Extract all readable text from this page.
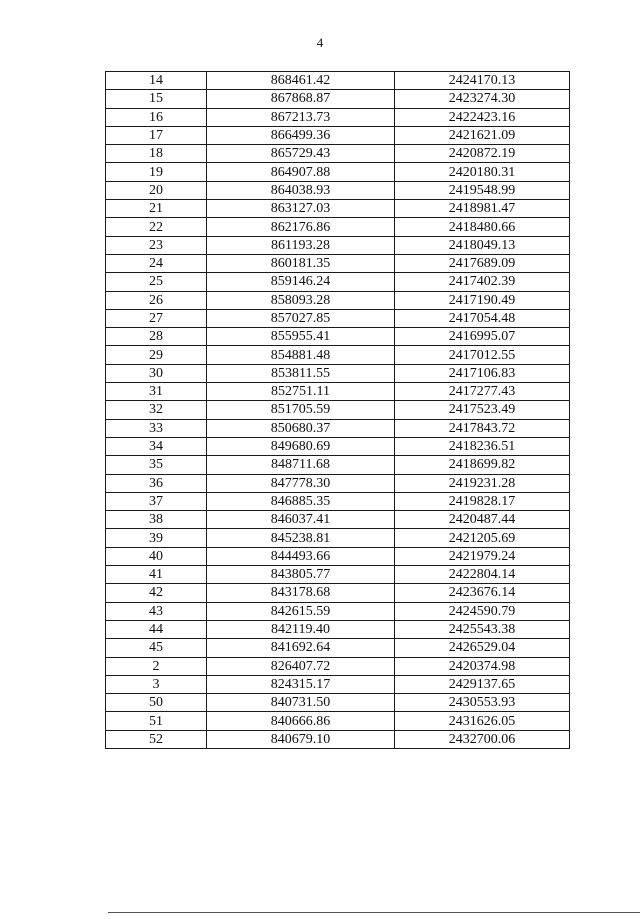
4
14	868461.42	2424170.13
15	867868.87	2423274.30
16	867213.73	2422423.16
17	866499.36	2421621.09
18	865729.43	2420872.19
19	864907.88	2420180.31
20	864038.93	2419548.99
21	863127.03	2418981.47
22	862176.86	2418480.66
23	861193.28	2418049.13
24	860181.35	2417689.09
25	859146.24	2417402.39
26	858093.28	2417190.49
27	857027.85	2417054.48
28	855955.41	2416995.07
29	854881.48	2417012.55
30	853811.55	2417106.83
31	852751.11	2417277.43
32	851705.59	2417523.49
33	850680.37	2417843.72
34	849680.69	2418236.51
35	848711.68	2418699.82
36	847778.30	2419231.28
37	846885.35	2419828.17
38	846037.41	2420487.44
39	845238.81	2421205.69
40	844493.66	2421979.24
41	843805.77	2422804.14
42	843178.68	2423676.14
43	842615.59	2424590.79
44	842119.40	2425543.38
45	841692.64	2426529.04
2	826407.72	2420374.98
3	824315.17	2429137.65
50	840731.50	2430553.93
51	840666.86	2431626.05
52	840679.10	2432700.06
